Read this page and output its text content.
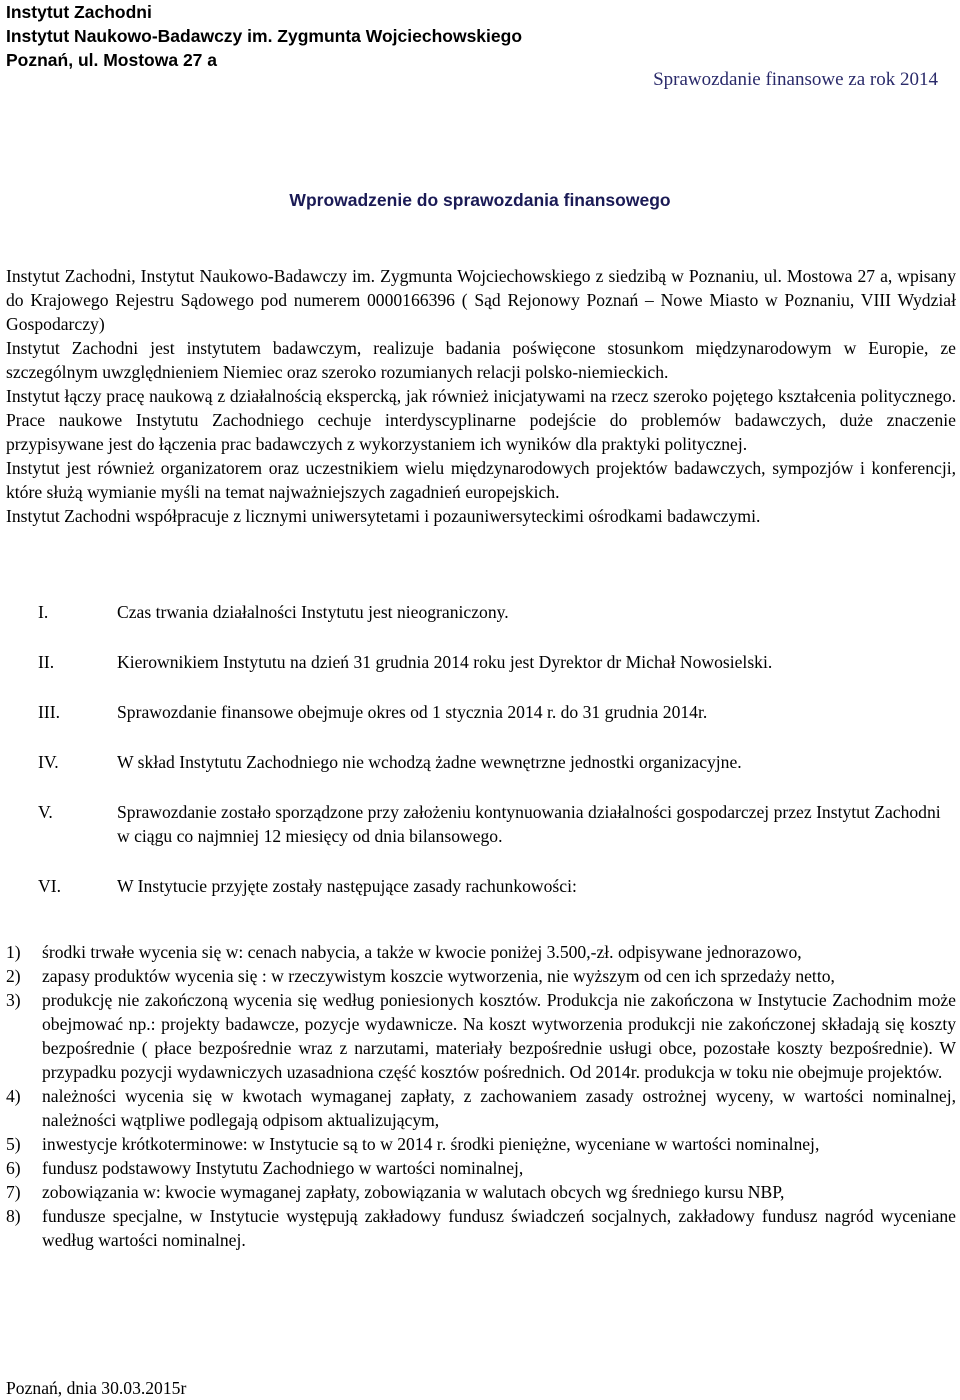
Instytut Zachodni
Instytut Naukowo-Badawczy im. Zygmunta Wojciechowskiego
Poznań, ul. Mostowa 27 a
Sprawozdanie finansowe za rok 2014
Wprowadzenie do sprawozdania finansowego

Instytut Zachodni, Instytut Naukowo-Badawczy im. Zygmunta Wojciechowskiego z siedzibą w Poznaniu, ul. Mostowa 27 a, wpisany do Krajowego Rejestru Sądowego pod numerem 0000166396 ( Sąd Rejonowy Poznań – Nowe Miasto w Poznaniu, VIII Wydział Gospodarczy)

Instytut Zachodni jest instytutem badawczym, realizuje badania poświęcone stosunkom międzynarodowym w Europie, ze szczególnym uwzględnieniem Niemiec oraz szeroko rozumianych relacji polsko-niemieckich.

Instytut łączy pracę naukową z działalnością ekspercką, jak również inicjatywami na rzecz szeroko pojętego kształcenia politycznego. Prace naukowe Instytutu Zachodniego cechuje interdyscyplinarne podejście do problemów badawczych, duże znaczenie przypisywane jest do łączenia prac badawczych z wykorzystaniem ich wyników dla praktyki politycznej.

Instytut jest również organizatorem oraz uczestnikiem wielu międzynarodowych projektów badawczych, sympozjów i konferencji, które służą wymianie myśli na temat najważniejszych zagadnień europejskich.

Instytut Zachodni współpracuje z licznymi uniwersytetami i pozauniwersyteckimi ośrodkami badawczymi.

I.	Czas trwania działalności Instytutu jest nieograniczony.
II.	Kierownikiem Instytutu na dzień 31 grudnia 2014 roku jest Dyrektor dr Michał Nowosielski.
III.	Sprawozdanie finansowe obejmuje okres od 1 stycznia 2014 r. do 31 grudnia 2014r.
IV.	W skład Instytutu Zachodniego nie wchodzą żadne wewnętrzne jednostki organizacyjne.
V.	Sprawozdanie zostało sporządzone przy założeniu kontynuowania działalności gospodarczej przez Instytut Zachodni w ciągu co najmniej 12 miesięcy od dnia bilansowego.
VI.	W Instytucie przyjęte zostały następujące zasady rachunkowości:
1)	środki trwałe wycenia się w: cenach nabycia, a także w kwocie poniżej 3.500,-zł. odpisywane jednorazowo,
2)	zapasy produktów wycenia się : w rzeczywistym koszcie wytworzenia, nie wyższym od cen ich sprzedaży netto,
3)	produkcję nie zakończoną wycenia się według poniesionych kosztów. Produkcja nie zakończona w Instytucie Zachodnim może obejmować np.: projekty badawcze, pozycje wydawnicze. Na koszt wytworzenia produkcji nie zakończonej składają się koszty bezpośrednie ( płace bezpośrednie wraz z narzutami, materiały bezpośrednie usługi obce, pozostałe koszty bezpośrednie). W przypadku pozycji wydawniczych uzasadniona część kosztów pośrednich. Od 2014r. produkcja w toku nie obejmuje projektów.
4)	należności wycenia się w kwotach wymaganej zapłaty, z zachowaniem zasady ostrożnej wyceny, w wartości nominalnej, należności wątpliwe podlegają odpisom aktualizującym,
5)	inwestycje krótkoterminowe: w Instytucie są to w 2014 r. środki pieniężne, wyceniane w wartości nominalnej,
6)	fundusz podstawowy Instytutu Zachodniego w wartości nominalnej,
7)	zobowiązania w: kwocie wymaganej zapłaty, zobowiązania w walutach obcych wg średniego kursu NBP,
8)	fundusze specjalne, w Instytucie występują zakładowy fundusz świadczeń socjalnych, zakładowy fundusz nagród wyceniane według wartości nominalnej.
Poznań, dnia 30.03.2015r
